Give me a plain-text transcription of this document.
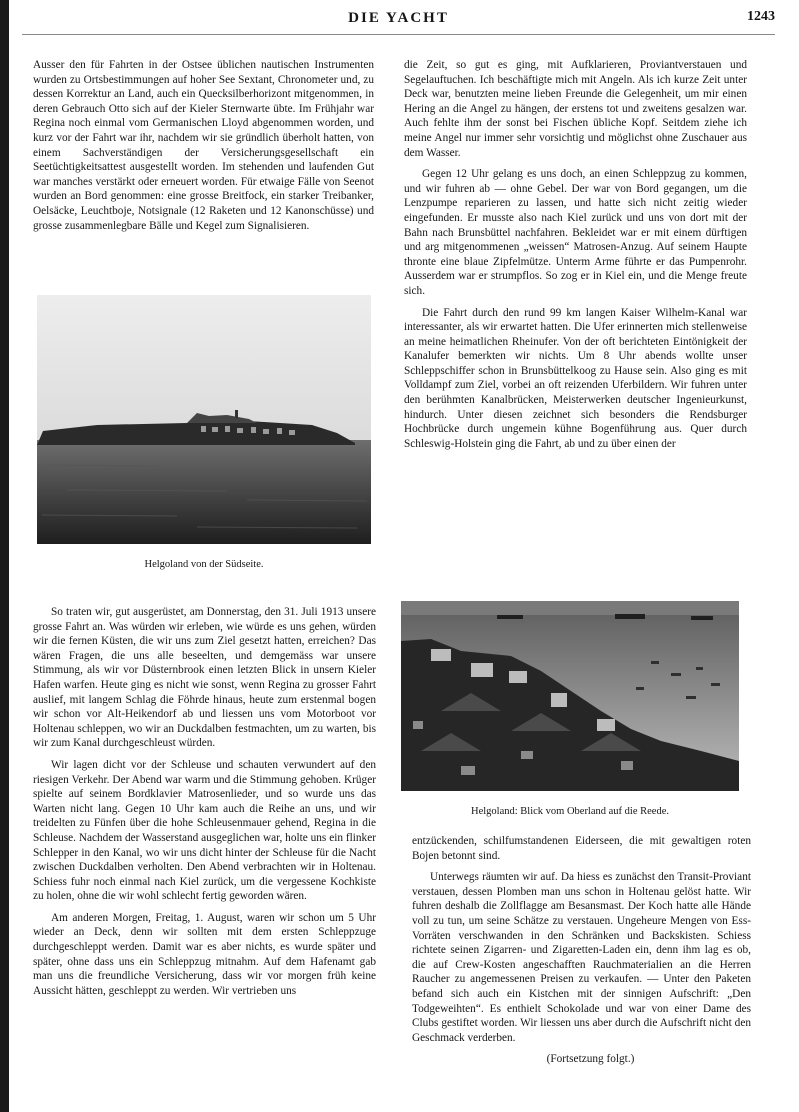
DIE YACHT	1243

Ausser den für Fahrten in der Ostsee üblichen nautischen Instrumenten wurden zu Ortsbestimmungen auf hoher See Sextant, Chronometer und, zu dessen Korrektur an Land, auch ein Quecksilberhorizont mitgenommen, in deren Gebrauch Otto sich auf der Kieler Sternwarte übte. Im Frühjahr war Regina noch einmal vom Germanischen Lloyd abgenommen worden, und kurz vor der Fahrt war ihr, nachdem wir sie gründlich überholt hatten, von einem Sachverständigen der Versicherungsgesellschaft ein Seetüchtigkeitsattest ausgestellt worden. Im stehenden und laufenden Gut war manches verstärkt oder erneuert worden. Für etwaige Fälle von Seenot wurden an Bord genommen: eine grosse Breitfock, ein starker Treibanker, Oelsäcke, Leuchtboje, Notsignale (12 Raketen und 12 Kanonschüsse) und grosse zusammenlegbare Bälle und Kegel zum Signalisieren.

Helgoland von der Südseite.

So traten wir, gut ausgerüstet, am Donnerstag, den 31. Juli 1913 unsere grosse Fahrt an. Was würden wir erleben, wie würde es uns gehen, würden wir die fernen Küsten, die wir uns zum Ziel gesetzt hatten, erreichen? Das wären Fragen, die uns alle beseelten, und demgemäss war unsere Stimmung, als wir vor Düsternbrook einen letzten Blick in unsern Kieler Hafen warfen. Heute ging es nicht wie sonst, wenn Regina zu grosser Fahrt auslief, mit langem Schlag die Föhrde hinaus, heute zum erstenmal bogen wir schon vor Alt-Heikendorf ab und liessen uns vom Motorboot vor Holtenau schleppen, wo wir an Duckdalben festmachten, um zu warten, bis wir zum Kanal durchgeschleust würden.

Wir lagen dicht vor der Schleuse und schauten verwundert auf den riesigen Verkehr. Der Abend war warm und die Stimmung gehoben. Krüger spielte auf seinem Bordklavier Matrosenlieder, und so wurde uns das Warten nicht lang. Gegen 10 Uhr kam auch die Reihe an uns, und wir treidelten zu Fünfen über die hohe Schleusenmauer gehend, Regina in die Schleuse. Nachdem der Wasserstand ausgeglichen war, holte uns ein flinker Schlepper in den Kanal, wo wir uns dicht hinter der Schleuse für die Nacht zwischen Duckdalben verholten. Den Abend verbrachten wir in Holtenau. Schiess fuhr noch einmal nach Kiel zurück, um die vergessene Kochkiste zu holen, ohne die wir wohl schlecht fertig geworden wären.

Am anderen Morgen, Freitag, 1. August, waren wir schon um 5 Uhr wieder an Deck, denn wir sollten mit dem ersten Schleppzuge durchgeschleppt werden. Damit war es aber nichts, es wurde später und später, ohne dass uns ein Schleppzug mitnahm. Auf dem Hafenamt gab man uns die freundliche Versicherung, dass wir vor morgen früh keine Aussicht hätten, geschleppt zu werden. Wir vertrieben uns

die Zeit, so gut es ging, mit Aufklarieren, Proviantverstauen und Segelauftuchen. Ich beschäftigte mich mit Angeln. Als ich kurze Zeit unter Deck war, benutzten meine lieben Freunde die Gelegenheit, um mir einen Hering an die Angel zu hängen, der erstens tot und zweitens gesalzen war. Auch fehlte ihm der sonst bei Fischen übliche Kopf. Seitdem ziehe ich meine Angel nur immer sehr vorsichtig und möglichst ohne Zuschauer aus dem Wasser.

Gegen 12 Uhr gelang es uns doch, an einen Schleppzug zu kommen, und wir fuhren ab — ohne Gebel. Der war von Bord gegangen, um die Lenzpumpe reparieren zu lassen, und hatte sich nicht zeitig wieder eingefunden. Er musste also nach Kiel zurück und uns von dort mit der Bahn nach Brunsbüttel nachfahren. Bekleidet war er mit einem dürftigen und arg mitgenommenen „weissen“ Matrosen-Anzug. Auf seinem Haupte thronte eine blaue Zipfelmütze. Unterm Arme führte er das Pumpenrohr. Ausserdem war er strumpflos. So zog er in Kiel ein, und die Menge freute sich.

Die Fahrt durch den rund 99 km langen Kaiser Wilhelm-Kanal war interessanter, als wir erwartet hatten. Die Ufer erinnerten mich stellenweise an meine heimatlichen Rheinufer. Von der oft berichteten Eintönigkeit der Kanalufer bemerkten wir nichts. Um 8 Uhr abends wollte unser Schleppschiffer schon in Brunsbüttelkoog zu Hause sein. Also ging es mit Volldampf zum Ziel, vorbei an oft reizenden Uferbildern. Wir fuhren unter den berühmten Kanalbrücken, Meisterwerken deutscher Ingenieurkunst, hindurch. Unter diesen zeichnet sich besonders die Rendsburger Hochbrücke durch ungemein kühne Bogenführung aus. Quer durch Schleswig-Holstein ging die Fahrt, ab und zu über einen der

Helgoland: Blick vom Oberland auf die Reede.

entzückenden, schilfumstandenen Eiderseen, die mit gewaltigen roten Bojen betonnt sind.

Unterwegs räumten wir auf. Da hiess es zunächst den Transit-Proviant verstauen, dessen Plomben man uns schon in Holtenau gelöst hatte. Wir fuhren deshalb die Zollflagge am Besansmast. Der Koch hatte alle Hände voll zu tun, um seine Schätze zu verstauen. Ungeheure Mengen von Ess-Vorräten verschwanden in den Schränken und Backskisten. Schiess richtete seinen Zigarren- und Zigaretten-Laden ein, denn ihm lag es ob, die auf Crew-Kosten angeschafften Rauchmaterialien an die Herren Raucher zu angemessenen Preisen zu verkaufen. — Unter den Paketen befand sich auch ein Kistchen mit der sinnigen Aufschrift: „Den Todgeweihten“. Es enthielt Schokolade und war von einer Dame des Clubs gestiftet worden. Wir liessen uns aber durch die Aufschrift nicht den Geschmack verderben.

(Fortsetzung folgt.)
